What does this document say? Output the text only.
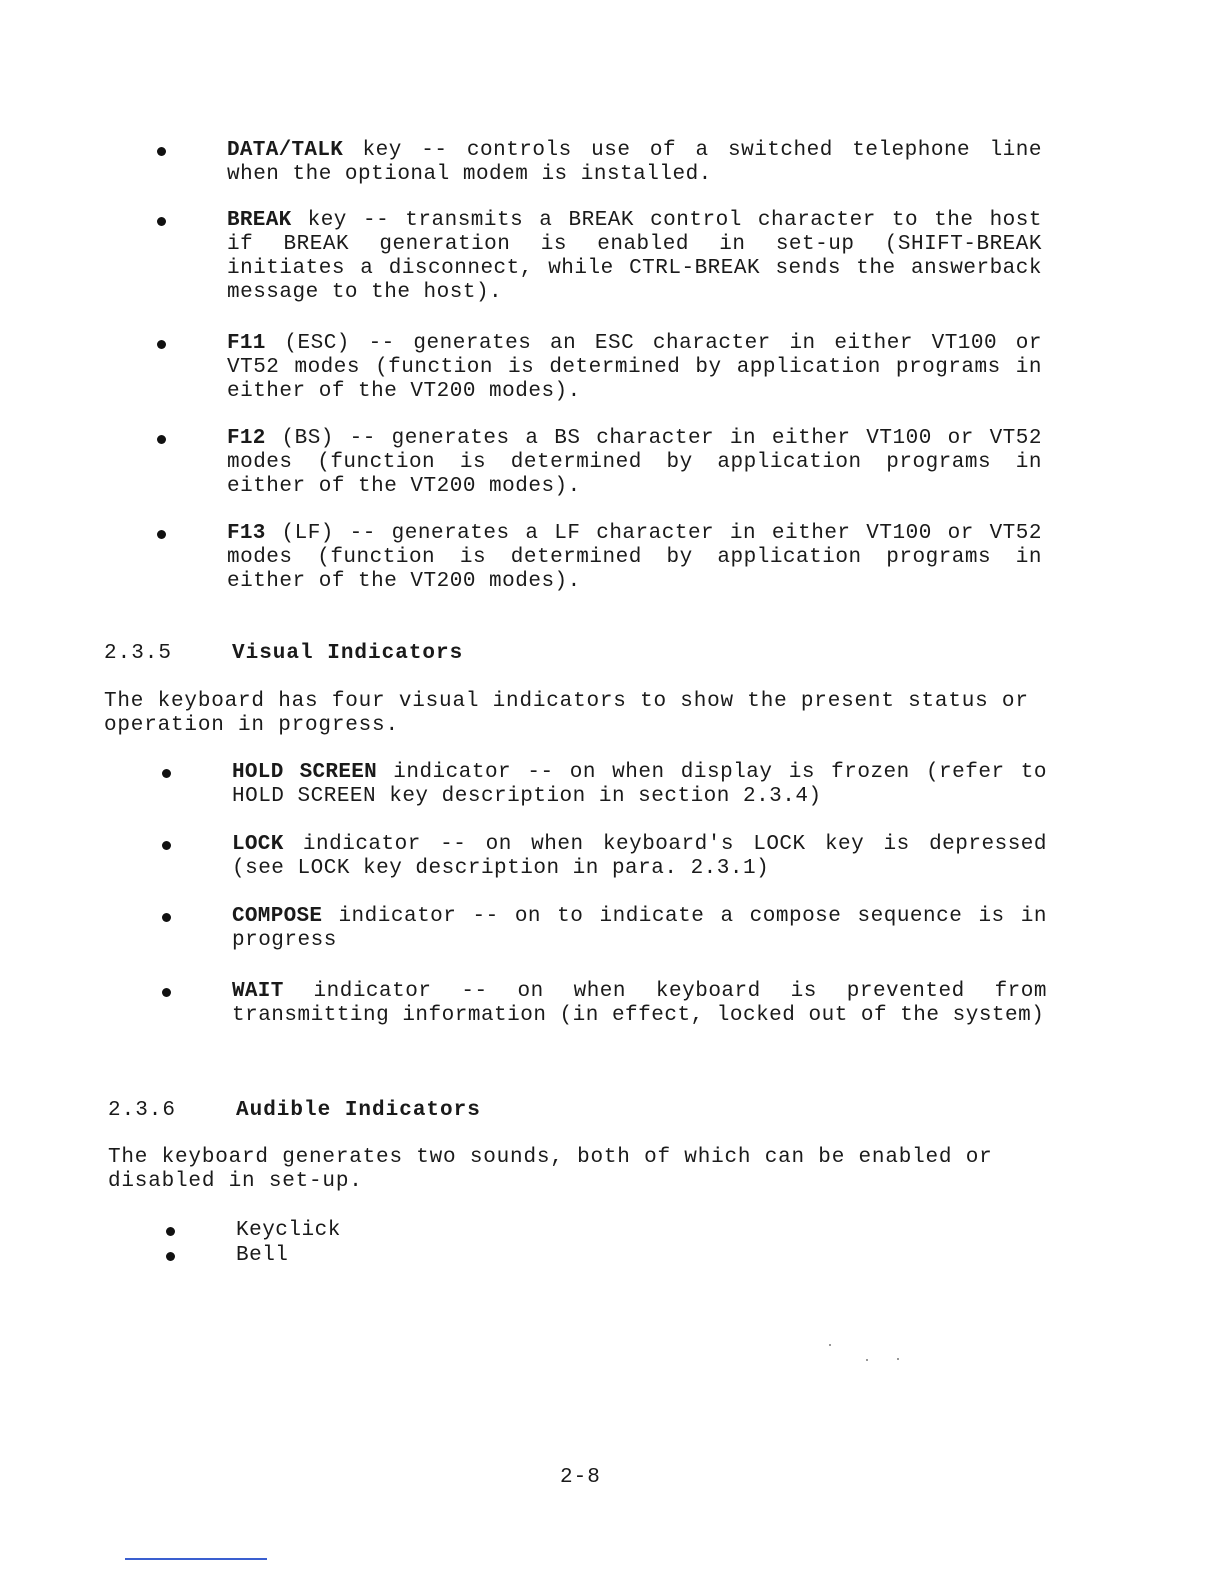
DATA/TALK key -- controls use of a switched telephone line when the optional modem is installed.
BREAK key -- transmits a BREAK control character to the host if BREAK generation is enabled in set-up (SHIFT-BREAK initiates a disconnect, while CTRL-BREAK sends the answerback message to the host).
F11 (ESC) -- generates an ESC character in either VT100 or VT52 modes (function is determined by application programs in either of the VT200 modes).
F12 (BS) -- generates a BS character in either VT100 or VT52 modes (function is determined by application programs in either of the VT200 modes).
F13 (LF) -- generates a LF character in either VT100 or VT52 modes (function is determined by application programs in either of the VT200 modes).
2.3.5	Visual Indicators
The keyboard has four visual indicators to show the present status or operation in progress.
HOLD SCREEN indicator -- on when display is frozen (refer to HOLD SCREEN key description in section 2.3.4)
LOCK indicator -- on when keyboard's LOCK key is depressed (see LOCK key description in para. 2.3.1)
COMPOSE indicator -- on to indicate a compose sequence is in progress
WAIT indicator -- on when keyboard is prevented from transmitting information (in effect, locked out of the system)
2.3.6	Audible Indicators
The keyboard generates two sounds, both of which can be enabled or disabled in set-up.
Keyclick
Bell
2-8
